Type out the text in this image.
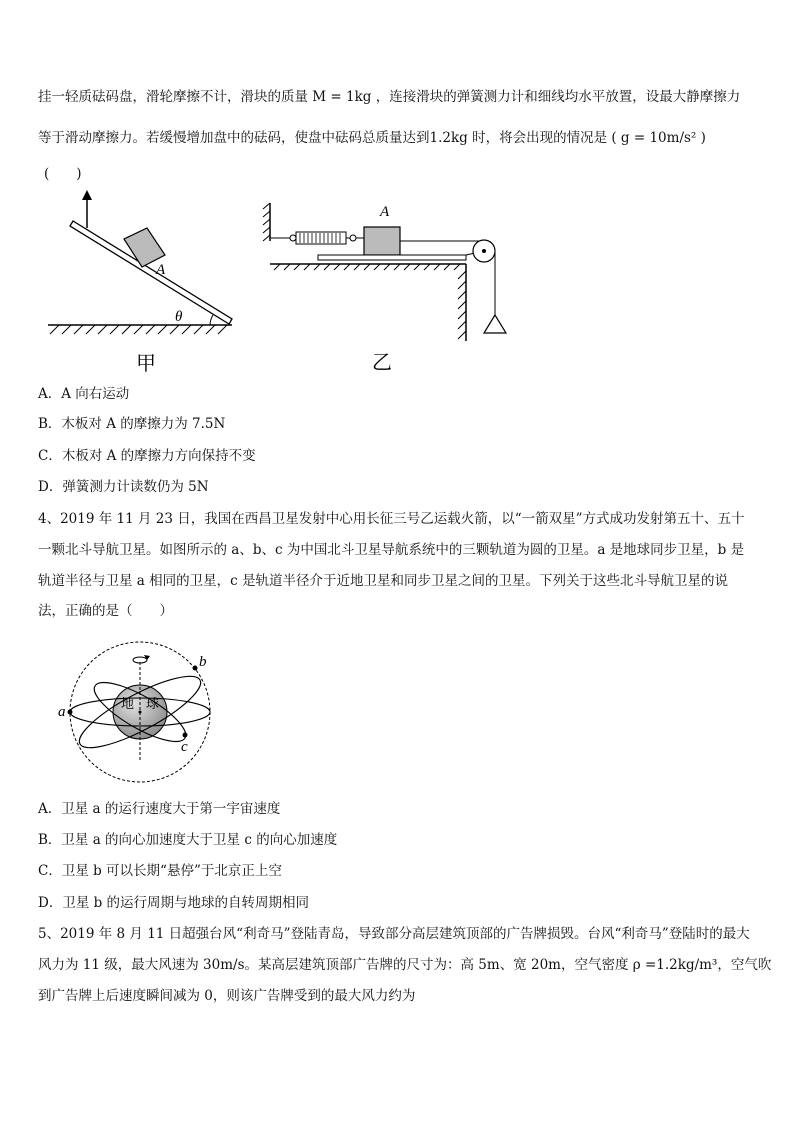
挂一轻质砝码盘，滑轮摩擦不计，滑块的质量 M = 1kg ，连接滑块的弹簧测力计和细线均水平放置，设最大静摩擦力
等于滑动摩擦力。若缓慢增加盘中的砝码，使盘中砝码总质量达到1.2kg 时，将会出现的情况是 ( g = 10m/s² )
(　　)
A
θ
甲
A
乙
A．A 向右运动
B．木板对 A 的摩擦力为 7.5N
C．木板对 A 的摩擦力方向保持不变
D．弹簧测力计读数仍为 5N
4、2019 年 11 月 23 日，我国在西昌卫星发射中心用长征三号乙运载火箭，以“一箭双星”方式成功发射第五十、五十
一颗北斗导航卫星。如图所示的 a、b、c 为中国北斗卫星导航系统中的三颗轨道为圆的卫星。a 是地球同步卫星，b 是
轨道半径与卫星 a 相同的卫星，c 是轨道半径介于近地卫星和同步卫星之间的卫星。下列关于这些北斗导航卫星的说
法，正确的是（　　）
a
b
c
地 球
A．卫星 a 的运行速度大于第一宇宙速度
B．卫星 a 的向心加速度大于卫星 c 的向心加速度
C．卫星 b 可以长期“悬停”于北京正上空
D．卫星 b 的运行周期与地球的自转周期相同
5、2019 年 8 月 11 日超强台风“利奇马”登陆青岛，导致部分高层建筑顶部的广告牌损毁。台风“利奇马”登陆时的最大
风力为 11 级，最大风速为 30m/s。某高层建筑顶部广告牌的尺寸为：高 5m、宽 20m，空气密度 ρ =1.2kg/m³，空气吹
到广告牌上后速度瞬间减为 0，则该广告牌受到的最大风力约为
